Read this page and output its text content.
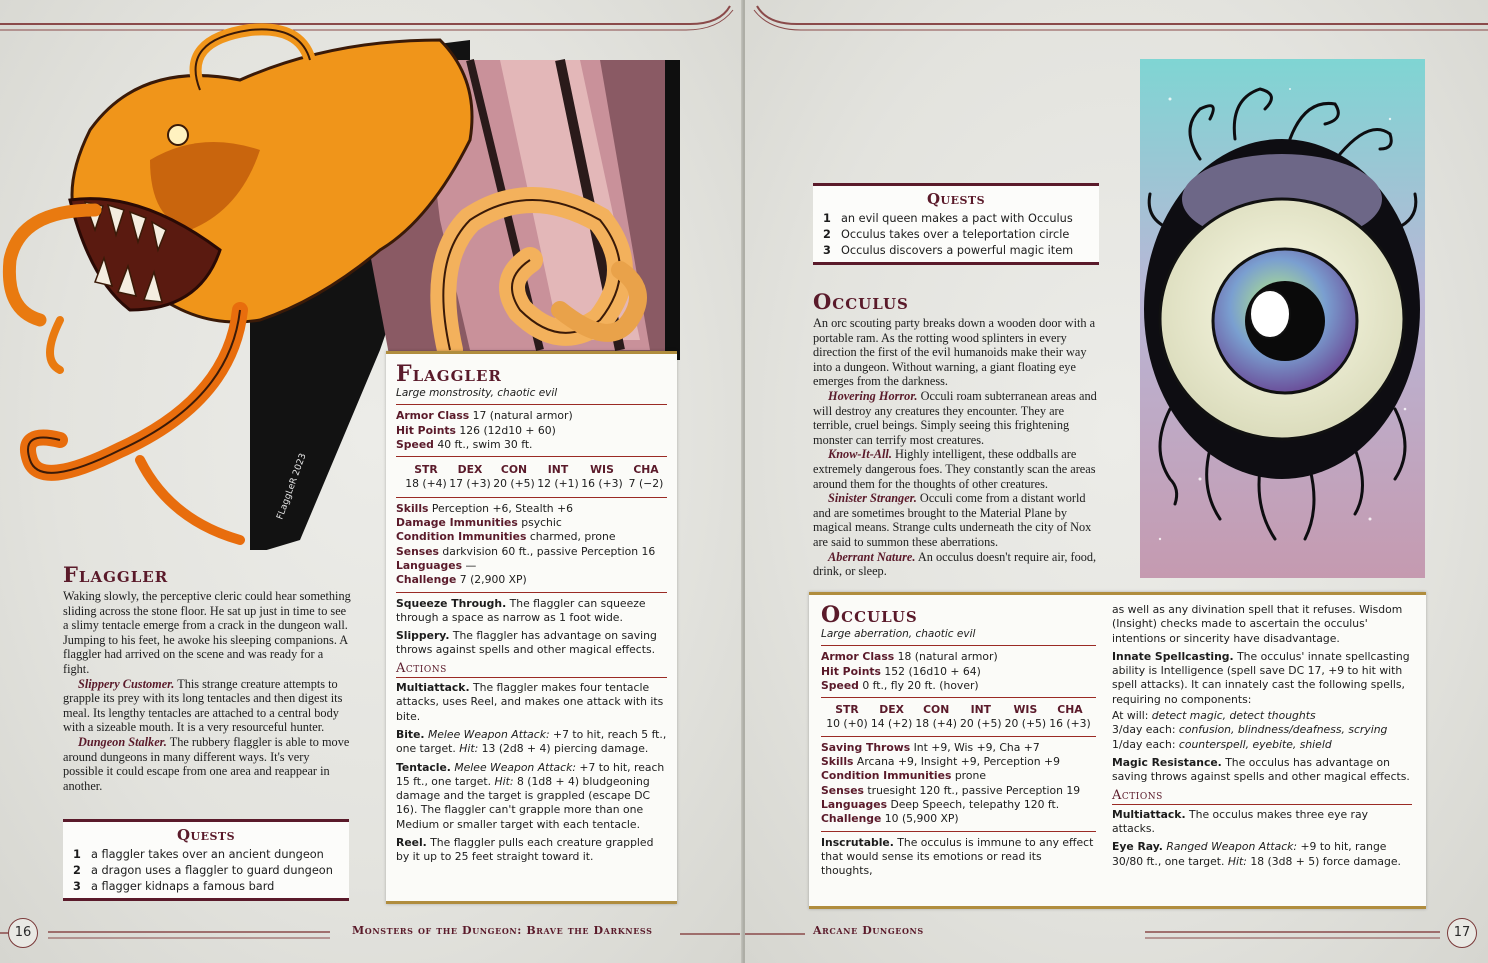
FLaggLeR 2023
Flaggler

Waking slowly, the perceptive cleric could hear something sliding across the stone floor. He sat up just in time to see a slimy tentacle emerge from a crack in the dungeon wall. Jumping to his feet, he awoke his sleeping companions. A flaggler had arrived on the scene and was ready for a fight.

Slippery Customer. This strange creature attempts to grapple its prey with its long tentacles and then digest its meal. Its lengthy tentacles are attached to a central body with a sizeable mouth. It is a very resourceful hunter.

Dungeon Stalker. The rubbery flaggler is able to move around dungeons in many different ways. It's very possible it could escape from one area and reappear in another.

Quests
1 a flaggler takes over an ancient dungeon
2 a dragon uses a flaggler to guard dungeon
3 a flagger kidnaps a famous bard
Flaggler
Large monstrosity, chaotic evil
Armor Class 17 (natural armor)
Hit Points 126 (12d10 + 60)
Speed 40 ft., swim 30 ft.
STR
18 (+4)
DEX
17 (+3)
CON
20 (+5)
INT
12 (+1)
WIS
16 (+3)
CHA
7 (−2)
Skills Perception +6, Stealth +6
Damage Immunities psychic
Condition Immunities charmed, prone
Senses darkvision 60 ft., passive Perception 16
Languages —
Challenge 7 (2,900 XP)
Squeeze Through. The flaggler can squeeze through a space as narrow as 1 foot wide.
Slippery. The flaggler has advantage on saving throws against spells and other magical effects.
Actions
Multiattack. The flaggler makes four tentacle attacks, uses Reel, and makes one attack with its bite.
Bite. Melee Weapon Attack: +7 to hit, reach 5 ft., one target. Hit: 13 (2d8 + 4) piercing damage.
Tentacle. Melee Weapon Attack: +7 to hit, reach 15 ft., one target. Hit: 8 (1d8 + 4) bludgeoning damage and the target is grappled (escape DC 16). The flaggler can't grapple more than one Medium or smaller target with each tentacle.
Reel. The flaggler pulls each creature grappled by it up to 25 feet straight toward it.
16	Monsters of the Dungeon: Brave the Darkness
Quests
1 an evil queen makes a pact with Occulus
2 Occulus takes over a teleportation circle
3 Occulus discovers a powerful magic item
Occulus

An orc scouting party breaks down a wooden door with a portable ram. As the rotting wood splinters in every direction the first of the evil humanoids make their way into a dungeon. Without warning, a giant floating eye emerges from the darkness.

Hovering Horror. Occuli roam subterranean areas and will destroy any creatures they encounter. They are terrible, cruel beings. Simply seeing this frightening monster can terrify most creatures.

Know-It-All. Highly intelligent, these oddballs are extremely dangerous foes. They constantly scan the areas around them for the thoughts of other creatures.

Sinister Stranger. Occuli come from a distant world and are sometimes brought to the Material Plane by magical means. Strange cults underneath the city of Nox are said to summon these aberrations.

Aberrant Nature. An occulus doesn't require air, food, drink, or sleep.

Occulus
Large aberration, chaotic evil
Armor Class 18 (natural armor)
Hit Points 152 (16d10 + 64)
Speed 0 ft., fly 20 ft. (hover)
STR
10 (+0)
DEX
14 (+2)
CON
18 (+4)
INT
20 (+5)
WIS
20 (+5)
CHA
16 (+3)
Saving Throws Int +9, Wis +9, Cha +7
Skills Arcana +9, Insight +9, Perception +9
Condition Immunities prone
Senses truesight 120 ft., passive Perception 19
Languages Deep Speech, telepathy 120 ft.
Challenge 10 (5,900 XP)
Inscrutable. The occulus is immune to any effect that would sense its emotions or read its thoughts,
as well as any divination spell that it refuses. Wisdom (Insight) checks made to ascertain the occulus' intentions or sincerity have disadvantage.
Innate Spellcasting. The occulus' innate spellcasting ability is Intelligence (spell save DC 17, +9 to hit with spell attacks). It can innately cast the following spells, requiring no components:
At will: detect magic, detect thoughts
3/day each: confusion, blindness/deafness, scrying
1/day each: counterspell, eyebite, shield
Magic Resistance. The occulus has advantage on saving throws against spells and other magical effects.
Actions
Multiattack. The occulus makes three eye ray attacks.
Eye Ray. Ranged Weapon Attack: +9 to hit, range 30/80 ft., one target. Hit: 18 (3d8 + 5) force damage.
Arcane Dungeons	17
